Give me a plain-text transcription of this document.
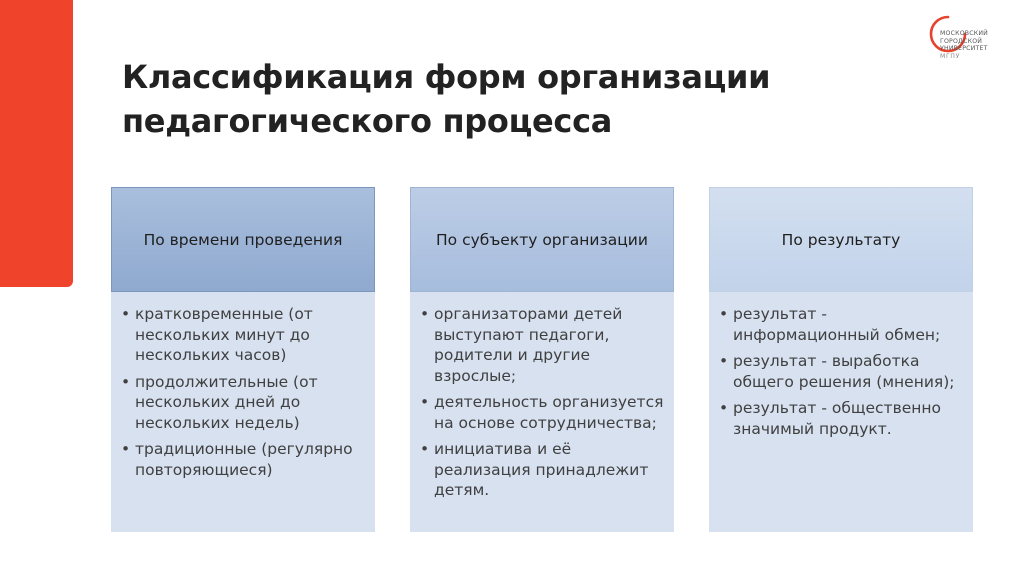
Классификация форм организации
педагогического процесса
МОСКОВСКИЙ
ГОРОДСКОЙ
УНИВЕРСИТЕТ
МГПУ
По времени проведения
• кратковременные (от нескольких минут до нескольких часов)
• продолжительные (от нескольких дней до нескольких недель)
• традиционные (регулярно повторяющиеся)
По субъекту организации
• организаторами детей выступают педагоги, родители и другие взрослые;
• деятельность организуется на основе сотрудничества;
• инициатива и её реализация принадлежит детям.
По результату
• результат - информационный обмен;
• результат - выработка общего решения (мнения);
• результат - общественно значимый продукт.
